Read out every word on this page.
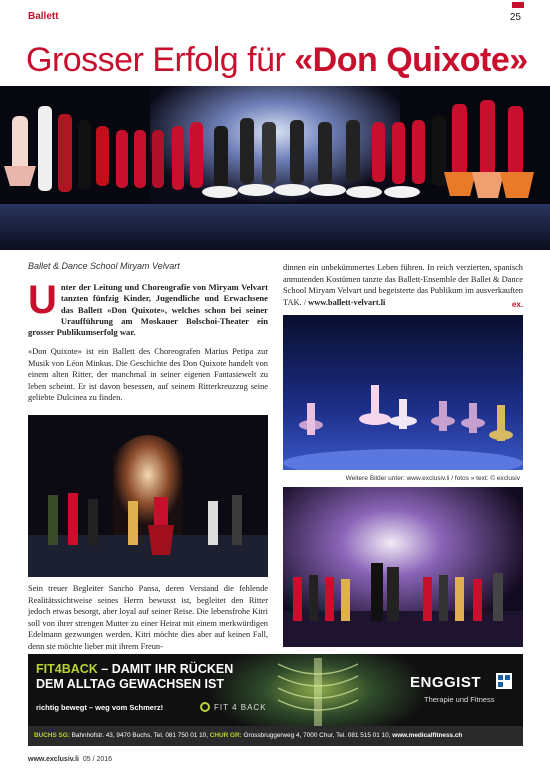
Ballett	25
Grosser Erfolg für «Don Quixote»
Ballet & Dance School Miryam Velvart
Unter der Leitung und Choreografie von Miryam Velvart tanzten fünfzig Kinder, Jugendliche und Erwachsene das Ballett «Don Quixote», welches schon bei seiner Uraufführung am Moskauer Bolschoi-Theater ein grosser Publikumserfolg war.
«Don Quixote» ist ein Ballett des Choreografen Marius Petipa zur Musik von Léon Minkus. Die Geschichte des Don Quixote handelt von einem alten Ritter, der manchmal in seiner eigenen Fantasiewelt zu leben scheint. Er ist davon besessen, auf seinem Ritterkreuzzug seine geliebte Dulcinea zu finden.
Sein treuer Begleiter Sancho Pansa, deren Verstand die fehlende Realitätssichtweise seines Herrn bewusst ist, begleitet den Ritter jedoch etwas besorgt, aber loyal auf seiner Reise. Die lebensfrohe Kitri soll von ihrer strengen Mutter zu einer Heirat mit einem merkwürdigen Edelmann gezwungen werden. Kitri möchte dies aber auf keinen Fall, denn sie möchte lieber mit ihrem Freun-
dinnen ein unbekümmertes Leben führen. In reich verzierten, spanisch anmutenden Kostümen tanzte das Ballett-Ensemble der Ballet & Dance School Miryam Velvart und begeisterte das Publikum im ausverkauften TAK. / www.ballett-velvart.li	ex.
Weitere Bilder unter: www.exclusiv.li / fotos » text: © exclusiv
FIT4BACK – DAMIT IHR RÜCKEN
DEM ALLTAG GEWACHSEN IST
richtig bewegt – weg vom Schmerz!	FIT 4 BACK
ENGGIST
Therapie und Fitness
BUCHS SG: Bahnhofstr. 43, 9470 Buchs, Tel. 081 750 01 10, CHUR GR: Grossbruggerweg 4, 7000 Chur, Tel. 081 515 01 10, www.medicalfitness.ch
www.exclusiv.li 05 / 2016
